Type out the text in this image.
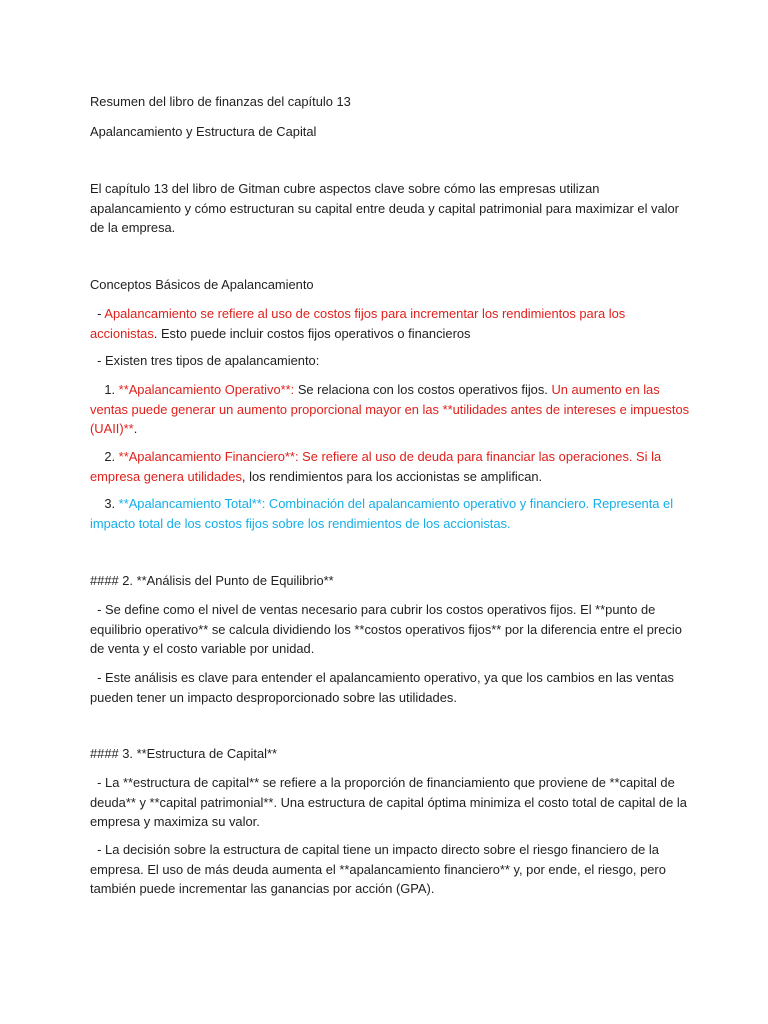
Resumen del libro de finanzas del capítulo 13

Apalancamiento y Estructura de Capital

El capítulo 13 del libro de Gitman cubre aspectos clave sobre cómo las empresas utilizan apalancamiento y cómo estructuran su capital entre deuda y capital patrimonial para maximizar el valor de la empresa.

Conceptos Básicos de Apalancamiento

- Apalancamiento se refiere al uso de costos fijos para incrementar los rendimientos para los accionistas. Esto puede incluir costos fijos operativos o financieros

- Existen tres tipos de apalancamiento:

1. **Apalancamiento Operativo**: Se relaciona con los costos operativos fijos. Un aumento en las ventas puede generar un aumento proporcional mayor en las **utilidades antes de intereses e impuestos (UAII)**.

2. **Apalancamiento Financiero**: Se refiere al uso de deuda para financiar las operaciones. Si la empresa genera utilidades, los rendimientos para los accionistas se amplifican.

3. **Apalancamiento Total**: Combinación del apalancamiento operativo y financiero. Representa el impacto total de los costos fijos sobre los rendimientos de los accionistas.

#### 2. **Análisis del Punto de Equilibrio**

- Se define como el nivel de ventas necesario para cubrir los costos operativos fijos. El **punto de equilibrio operativo** se calcula dividiendo los **costos operativos fijos** por la diferencia entre el precio de venta y el costo variable por unidad.

- Este análisis es clave para entender el apalancamiento operativo, ya que los cambios en las ventas pueden tener un impacto desproporcionado sobre las utilidades.

#### 3. **Estructura de Capital**

- La **estructura de capital** se refiere a la proporción de financiamiento que proviene de **capital de deuda** y **capital patrimonial**. Una estructura de capital óptima minimiza el costo total de capital de la empresa y maximiza su valor.

- La decisión sobre la estructura de capital tiene un impacto directo sobre el riesgo financiero de la empresa. El uso de más deuda aumenta el **apalancamiento financiero** y, por ende, el riesgo, pero también puede incrementar las ganancias por acción (GPA).
